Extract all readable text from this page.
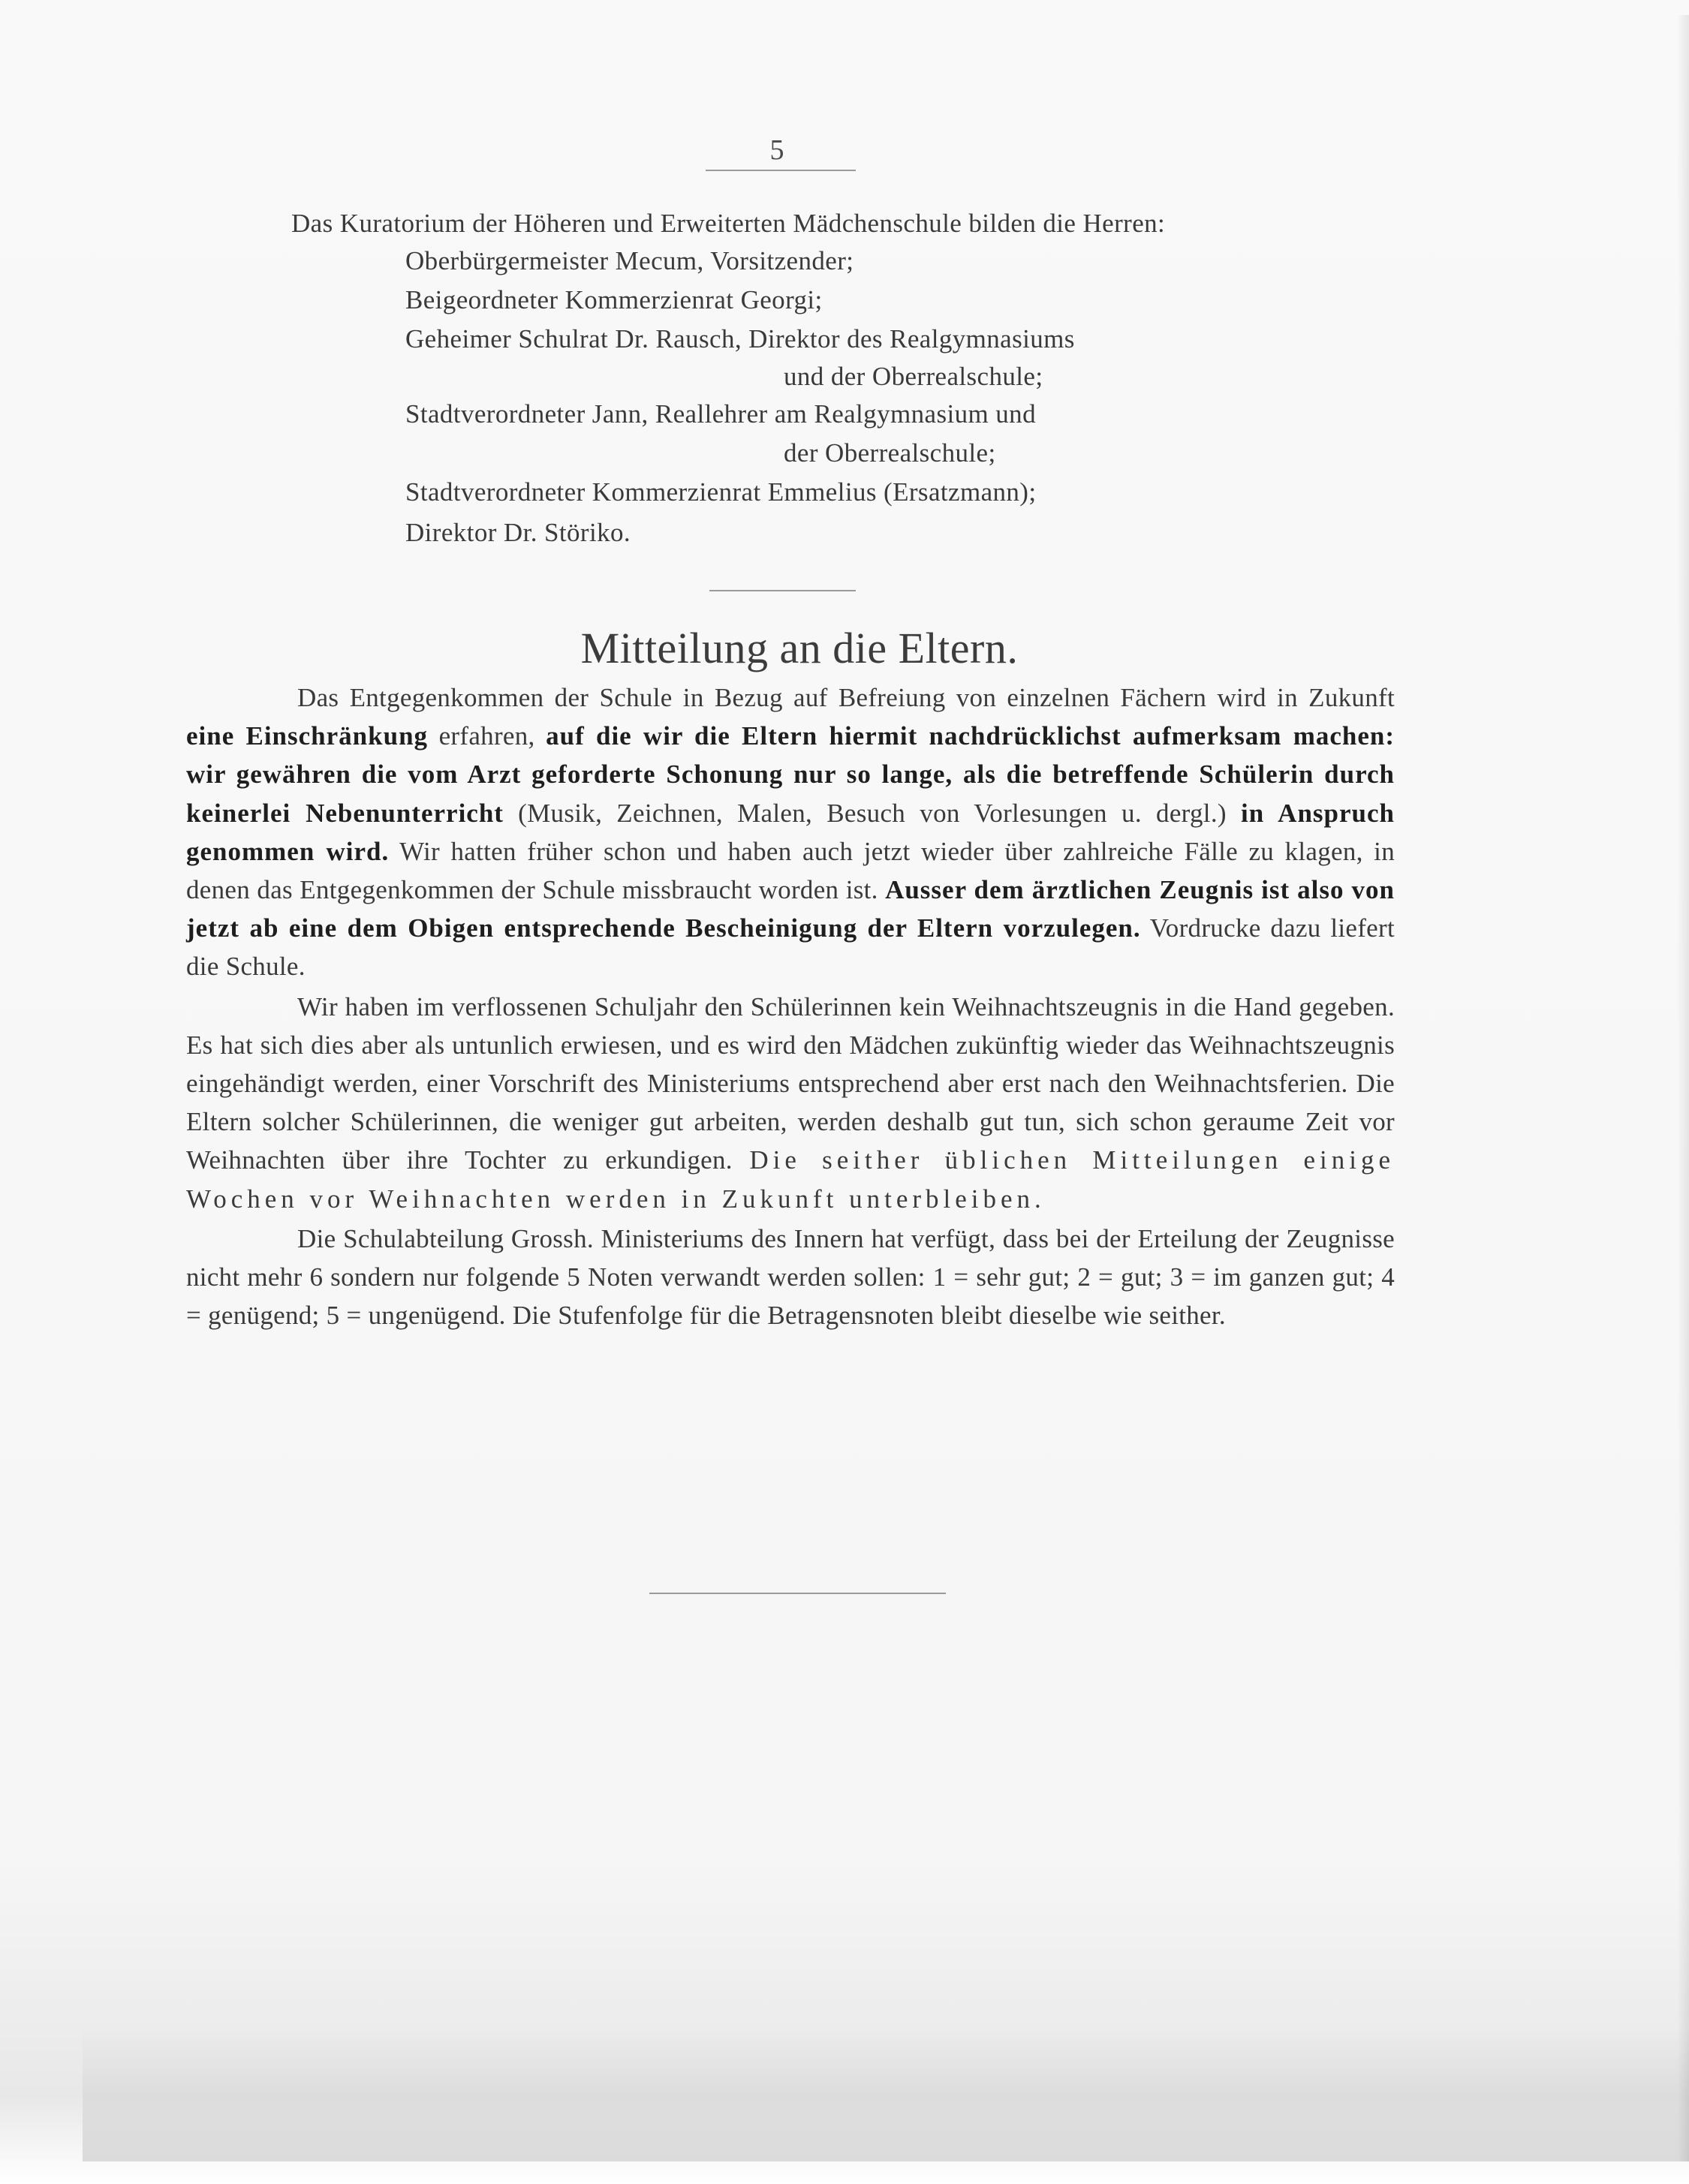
5
Das Kuratorium der Höheren und Erweiterten Mädchenschule bilden die Herren:
Oberbürgermeister Mecum, Vorsitzender;
Beigeordneter Kommerzienrat Georgi;
Geheimer Schulrat Dr. Rausch, Direktor des Realgymnasiums
und der Oberrealschule;
Stadtverordneter Jann, Reallehrer am Realgymnasium und
der Oberrealschule;
Stadtverordneter Kommerzienrat Emmelius (Ersatzmann);
Direktor Dr. Störiko.
Mitteilung an die Eltern.

Das Entgegenkommen der Schule in Bezug auf Befreiung von einzelnen Fächern wird in Zukunft eine Einschränkung erfahren, auf die wir die Eltern hiermit nachdrücklichst aufmerksam machen: wir gewähren die vom Arzt geforderte Schonung nur so lange, als die betreffende Schülerin durch keinerlei Nebenunterricht (Musik, Zeichnen, Malen, Besuch von Vorlesungen u. dergl.) in Anspruch genommen wird. Wir hatten früher schon und haben auch jetzt wieder über zahlreiche Fälle zu klagen, in denen das Entgegenkommen der Schule missbraucht worden ist. Ausser dem ärztlichen Zeugnis ist also von jetzt ab eine dem Obigen entsprechende Bescheinigung der Eltern vorzulegen. Vordrucke dazu liefert die Schule.

Wir haben im verflossenen Schuljahr den Schülerinnen kein Weihnachtszeugnis in die Hand gegeben. Es hat sich dies aber als untunlich erwiesen, und es wird den Mädchen zukünftig wieder das Weihnachtszeugnis eingehändigt werden, einer Vorschrift des Ministeriums entsprechend aber erst nach den Weihnachtsferien. Die Eltern solcher Schülerinnen, die weniger gut arbeiten, werden deshalb gut tun, sich schon geraume Zeit vor Weihnachten über ihre Tochter zu erkundigen. Die seither üblichen Mitteilungen einige Wochen vor Weihnachten werden in Zukunft unterbleiben.

Die Schulabteilung Grossh. Ministeriums des Innern hat verfügt, dass bei der Erteilung der Zeugnisse nicht mehr 6 sondern nur folgende 5 Noten verwandt werden sollen: 1 = sehr gut; 2 = gut; 3 = im ganzen gut; 4 = genügend; 5 = ungenügend. Die Stufenfolge für die Betragensnoten bleibt dieselbe wie seither.
